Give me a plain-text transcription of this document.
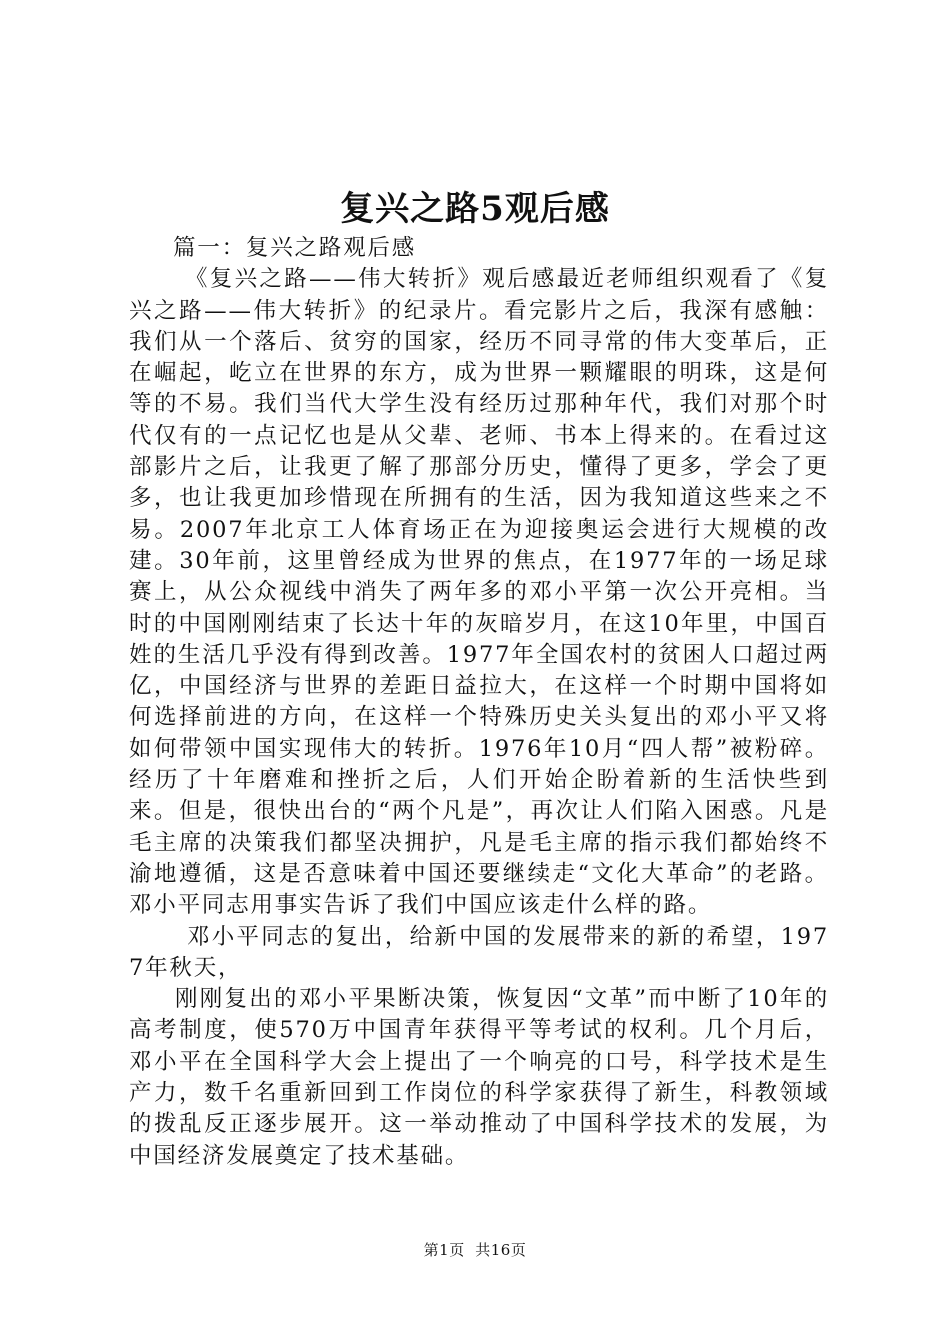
复兴之路5观后感

篇一：复兴之路观后感

《复兴之路——伟大转折》观后感最近老师组织观看了《复兴之路——伟大转折》的纪录片。看完影片之后，我深有感触：我们从一个落后、贫穷的国家，经历不同寻常的伟大变革后，正在崛起，屹立在世界的东方，成为世界一颗耀眼的明珠，这是何等的不易。我们当代大学生没有经历过那种年代，我们对那个时代仅有的一点记忆也是从父辈、老师、书本上得来的。在看过这部影片之后，让我更了解了那部分历史，懂得了更多，学会了更多，也让我更加珍惜现在所拥有的生活，因为我知道这些来之不易。2007年北京工人体育场正在为迎接奥运会进行大规模的改建。30年前，这里曾经成为世界的焦点，在1977年的一场足球赛上，从公众视线中消失了两年多的邓小平第一次公开亮相。当时的中国刚刚结束了长达十年的灰暗岁月，在这10年里，中国百姓的生活几乎没有得到改善。1977年全国农村的贫困人口超过两亿，中国经济与世界的差距日益拉大，在这样一个时期中国将如何选择前进的方向，在这样一个特殊历史关头复出的邓小平又将如何带领中国实现伟大的转折。1976年10月“四人帮”被粉碎。经历了十年磨难和挫折之后，人们开始企盼着新的生活快些到来。但是，很快出台的“两个凡是”，再次让人们陷入困惑。凡是毛主席的决策我们都坚决拥护，凡是毛主席的指示我们都始终不渝地遵循，这是否意味着中国还要继续走“文化大革命”的老路。邓小平同志用事实告诉了我们中国应该走什么样的路。

邓小平同志的复出，给新中国的发展带来的新的希望，1977年秋天，

刚刚复出的邓小平果断决策，恢复因“文革”而中断了10年的高考制度，使570万中国青年获得平等考试的权利。几个月后，邓小平在全国科学大会上提出了一个响亮的口号，科学技术是生产力，数千名重新回到工作岗位的科学家获得了新生，科教领域的拨乱反正逐步展开。这一举动推动了中国科学技术的发展，为中国经济发展奠定了技术基础。

第1页 共16页
